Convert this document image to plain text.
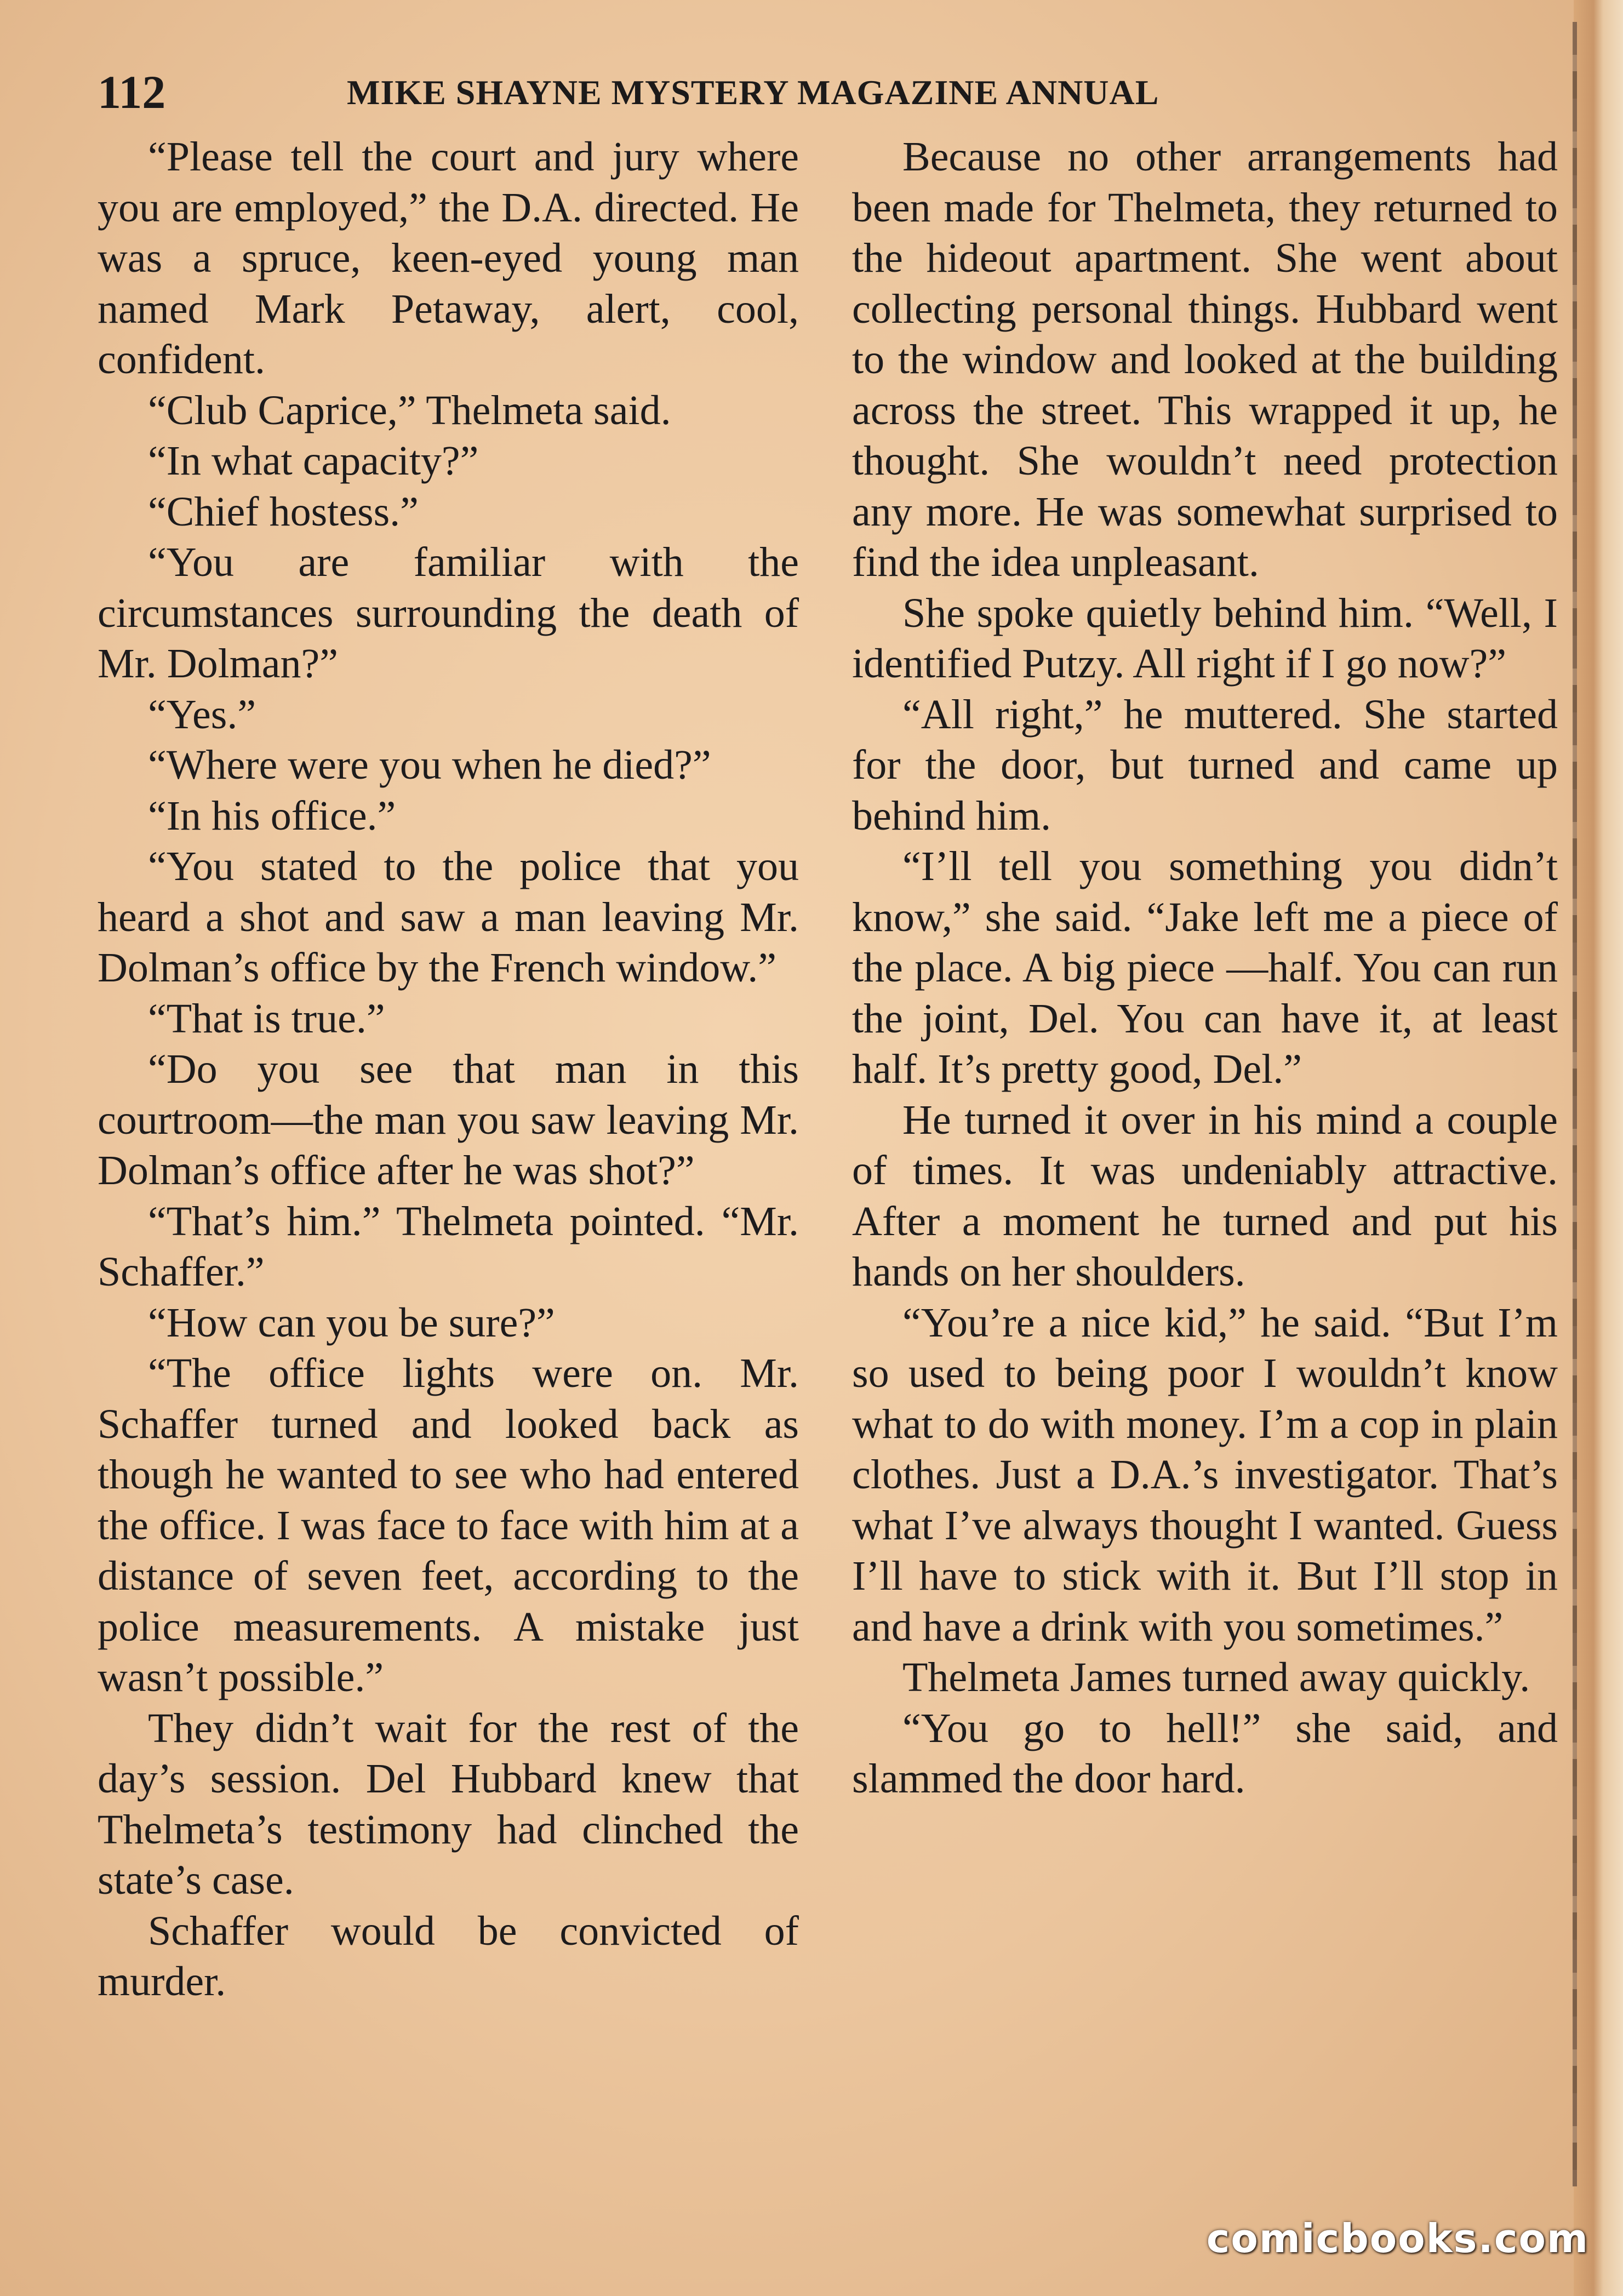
112	MIKE SHAYNE MYSTERY MAGAZINE ANNUAL

“Please tell the court and jury where you are employed,” the D.A. directed. He was a spruce, keen-eyed young man named Mark Petaway, alert, cool, confident.

“Club Caprice,” Thelmeta said.

“In what capacity?”

“Chief hostess.”

“You are familiar with the circumstances surrounding the death of Mr. Dolman?”

“Yes.”

“Where were you when he died?”

“In his office.”

“You stated to the police that you heard a shot and saw a man leaving Mr. Dolman’s office by the French window.”

“That is true.”

“Do you see that man in this courtroom—the man you saw leaving Mr. Dolman’s office after he was shot?”

“That’s him.” Thelmeta pointed. “Mr. Schaffer.”

“How can you be sure?”

“The office lights were on. Mr. Schaffer turned and looked back as though he wanted to see who had entered the office. I was face to face with him at a distance of seven feet, according to the police measurements. A mistake just wasn’t possible.”

They didn’t wait for the rest of the day’s session. Del Hubbard knew that Thelmeta’s testimony had clinched the state’s case.

Schaffer would be convicted of murder.

Because no other arrangements had been made for Thelmeta, they returned to the hideout apartment. She went about collecting personal things. Hubbard went to the window and looked at the building across the street. This wrapped it up, he thought. She wouldn’t need protection any more. He was somewhat surprised to find the idea unpleasant.

She spoke quietly behind him. “Well, I identified Putzy. All right if I go now?”

“All right,” he muttered. She started for the door, but turned and came up behind him.

“I’ll tell you something you didn’t know,” she said. “Jake left me a piece of the place. A big piece —half. You can run the joint, Del. You can have it, at least half. It’s pretty good, Del.”

He turned it over in his mind a couple of times. It was undeniably attractive. After a moment he turned and put his hands on her shoulders.

“You’re a nice kid,” he said. “But I’m so used to being poor I wouldn’t know what to do with money. I’m a cop in plain clothes. Just a D.A.’s investigator. That’s what I’ve always thought I wanted. Guess I’ll have to stick with it. But I’ll stop in and have a drink with you sometimes.”

Thelmeta James turned away quickly.

“You go to hell!” she said, and slammed the door hard.

comicbooks.com
